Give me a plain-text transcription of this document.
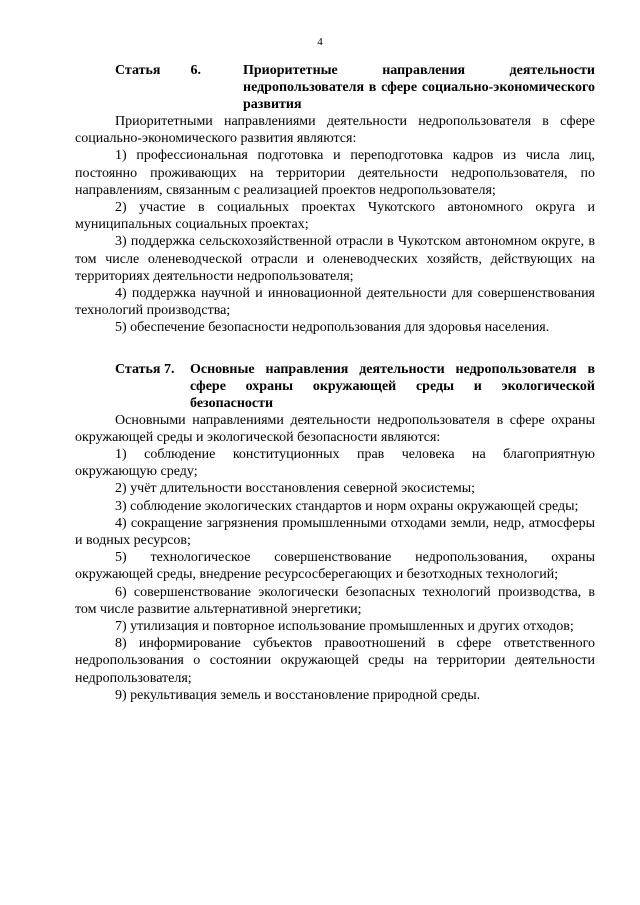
4
Статья 6.	Приоритетные направления деятельности недропользователя в сфере социально-экономического развития

Приоритетными направлениями деятельности недропользователя в сфере социально-экономического развития являются:

1) профессиональная подготовка и переподготовка кадров из числа лиц, постоянно проживающих на территории деятельности недропользователя, по направлениям, связанным с реализацией проектов недропользователя;

2) участие в социальных проектах Чукотского автономного округа и муниципальных социальных проектах;

3) поддержка сельскохозяйственной отрасли в Чукотском автономном округе, в том числе оленеводческой отрасли и оленеводческих хозяйств, действующих на территориях деятельности недропользователя;

4) поддержка научной и инновационной деятельности для совершенствования технологий производства;

5) обеспечение безопасности недропользования для здоровья населения.

Статья 7.	Основные направления деятельности недропользователя в сфере охраны окружающей среды и экологической безопасности

Основными направлениями деятельности недропользователя в сфере охраны окружающей среды и экологической безопасности являются:

1) соблюдение конституционных прав человека на благоприятную окружающую среду;

2) учёт длительности восстановления северной экосистемы;

3) соблюдение экологических стандартов и норм охраны окружающей среды;

4) сокращение загрязнения промышленными отходами земли, недр, атмосферы и водных ресурсов;

5) технологическое совершенствование недропользования, охраны окружающей среды, внедрение ресурсосберегающих и безотходных технологий;

6) совершенствование экологически безопасных технологий производства, в том числе развитие альтернативной энергетики;

7) утилизация и повторное использование промышленных и других отходов;

8) информирование субъектов правоотношений в сфере ответственного недропользования о состоянии окружающей среды на территории деятельности недропользователя;

9) рекультивация земель и восстановление природной среды.
